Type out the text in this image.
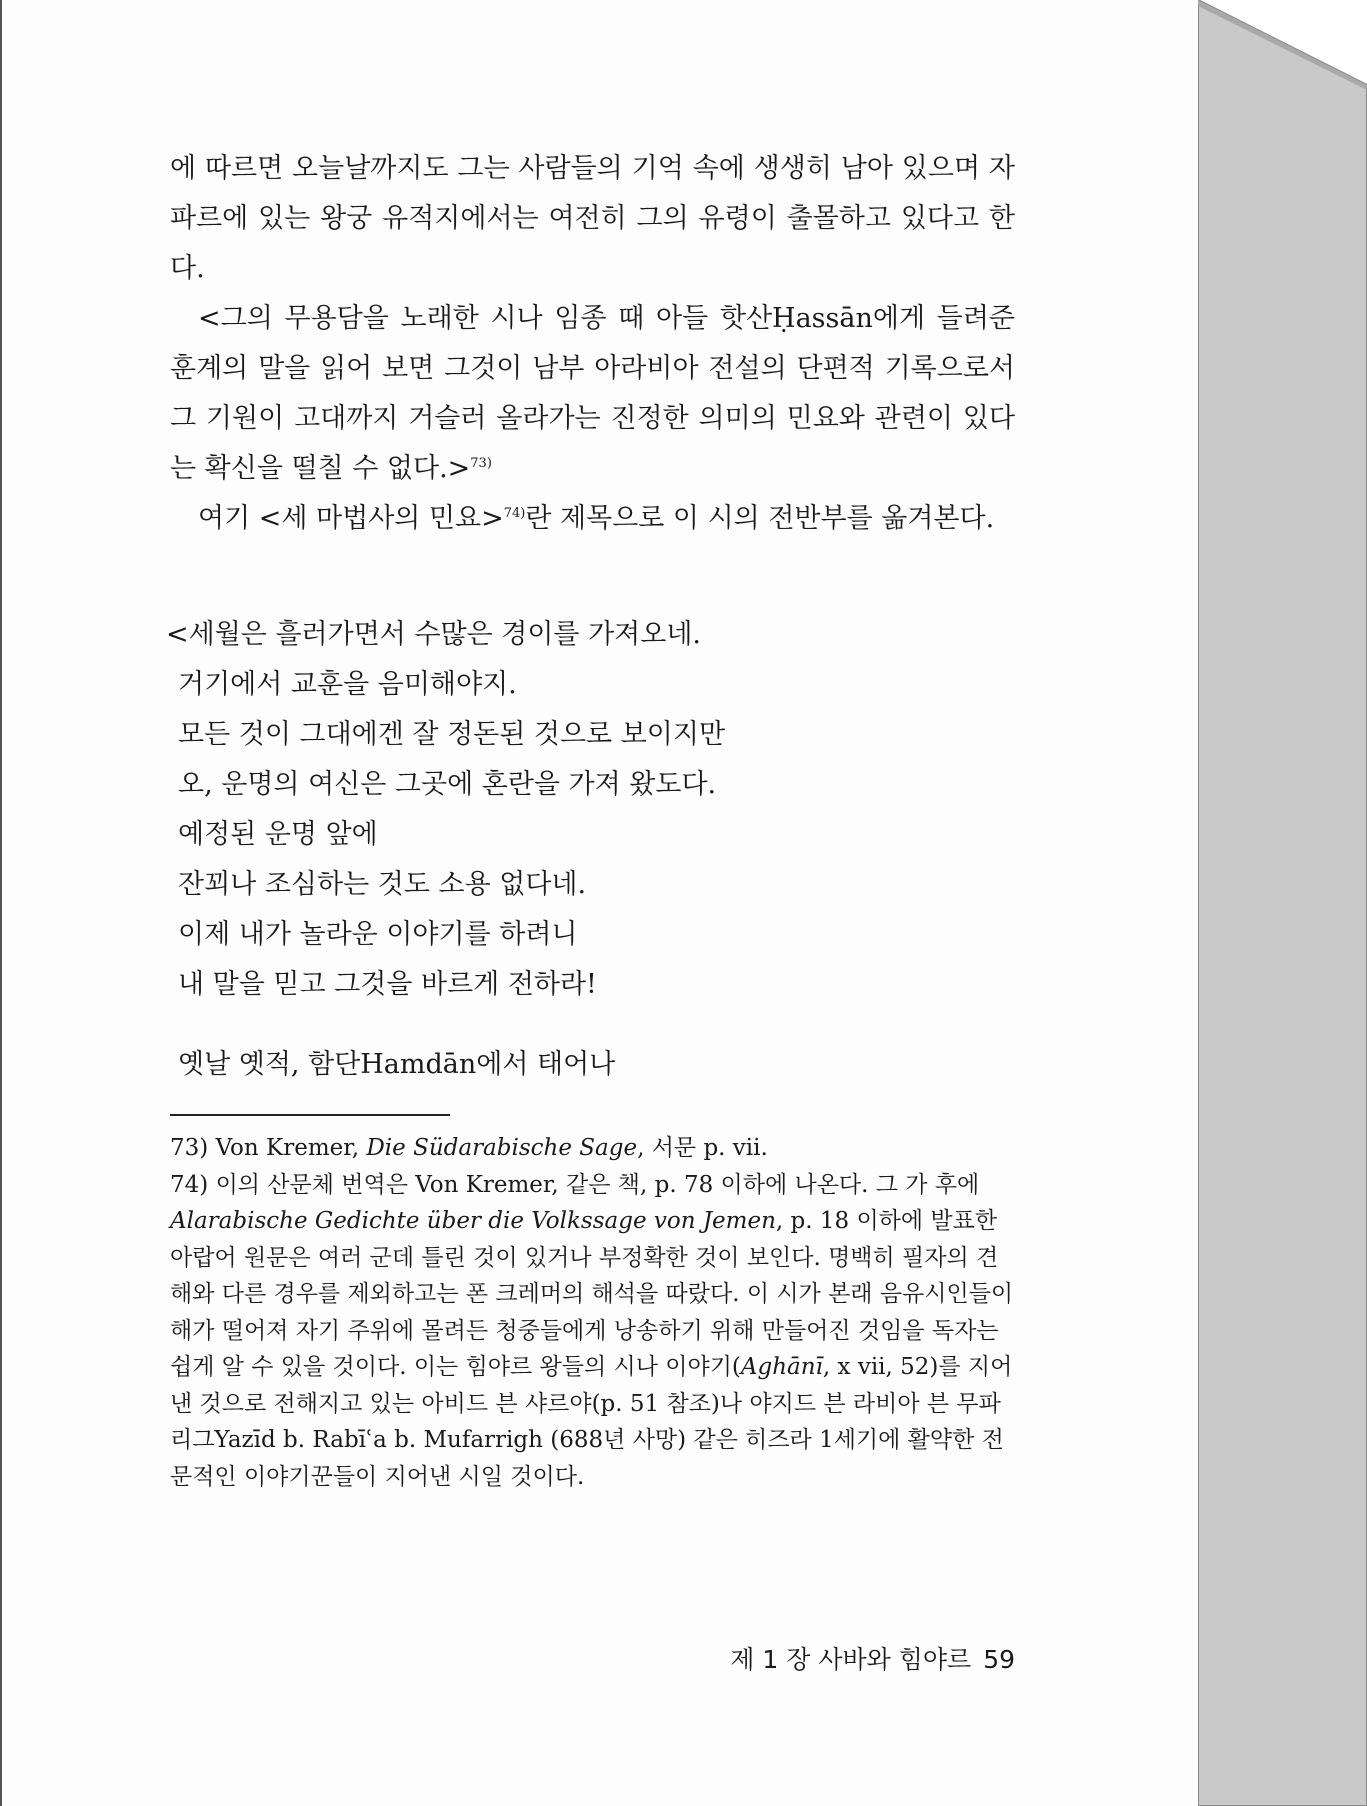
에 따르면 오늘날까지도 그는 사람들의 기억 속에 생생히 남아 있으며 자파르에 있는 왕궁 유적지에서는 여전히 그의 유령이 출몰하고 있다고 한다.

<그의 무용담을 노래한 시나 임종 때 아들 핫산Ḥassān에게 들려준 훈계의 말을 읽어 보면 그것이 남부 아라비아 전설의 단편적 기록으로서 그 기원이 고대까지 거슬러 올라가는 진정한 의미의 민요와 관련이 있다는 확신을 떨칠 수 없다.>$^{73)}$

여기 <세 마법사의 민요>$^{74)}$란 제목으로 이 시의 전반부를 옮겨본다.

<세월은 흘러가면서 수많은 경이를 가져오네.
거기에서 교훈을 음미해야지.
모든 것이 그대에겐 잘 정돈된 것으로 보이지만
오, 운명의 여신은 그곳에 혼란을 가져 왔도다.
예정된 운명 앞에
잔꾀나 조심하는 것도 소용 없다네.
이제 내가 놀라운 이야기를 하려니
내 말을 믿고 그것을 바르게 전하라!
옛날 옛적, 함단Hamdān에서 태어나

73) Von Kremer, Die Südarabische Sage, 서문 p. vii.

74) 이의 산문체 번역은 Von Kremer, 같은 책, p. 78 이하에 나온다. 그 가 후에 Alarabische Gedichte über die Volkssage von Jemen, p. 18 이하에 발표한 아랍어 원문은 여러 군데 틀린 것이 있거나 부정확한 것이 보인다. 명백히 필자의 견해와 다른 경우를 제외하고는 폰 크레머의 해석을 따랐다. 이 시가 본래 음유시인들이 해가 떨어져 자기 주위에 몰려든 청중들에게 낭송하기 위해 만들어진 것임을 독자는 쉽게 알 수 있을 것이다. 이는 힘야르 왕들의 시나 이야기(Aghānī, x vii, 52)를 지어낸 것으로 전해지고 있는 아비드 븐 샤르야(p. 51 참조)나 야지드 븐 라비아 븐 무파리그Yazīd b. Rabīʿa b. Mufarrigh (688년 사망) 같은 히즈라 1세기에 활약한 전문적인 이야기꾼들이 지어낸 시일 것이다.

제 1 장 사바와 힘야르 59
